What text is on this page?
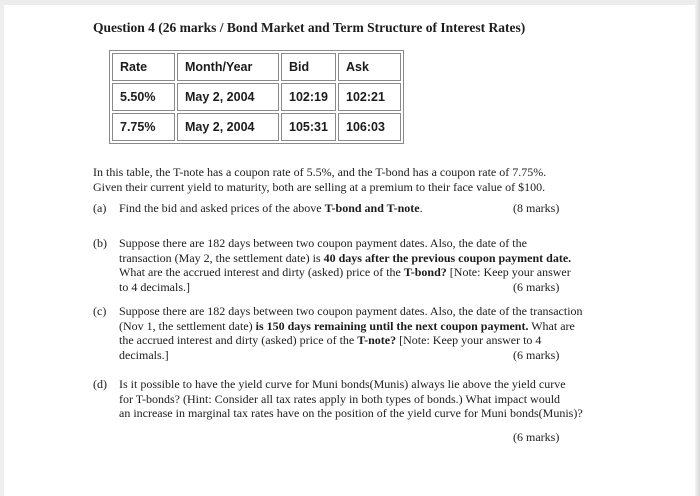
Question 4 (26 marks / Bond Market and Term Structure of Interest Rates)
Rate	Month/Year	Bid	Ask
5.50%	May 2, 2004	102:19	102:21
7.75%	May 2, 2004	105:31	106:03
In this table, the T-note has a coupon rate of 5.5%, and the T-bond has a coupon rate of 7.75%.
Given their current yield to maturity, both are selling at a premium to their face value of $100.
(a) Find the bid and asked prices of the above T-bond and T-note.	(8 marks)
(b) Suppose there are 182 days between two coupon payment dates. Also, the date of the
transaction (May 2, the settlement date) is 40 days after the previous coupon payment date.
What are the accrued interest and dirty (asked) price of the T-bond? [Note: Keep your answer
to 4 decimals.]	(6 marks)
(c) Suppose there are 182 days between two coupon payment dates. Also, the date of the transaction
(Nov 1, the settlement date) is 150 days remaining until the next coupon payment. What are
the accrued interest and dirty (asked) price of the T-note? [Note: Keep your answer to 4
decimals.]	(6 marks)
(d) Is it possible to have the yield curve for Muni bonds(Munis) always lie above the yield curve
for T-bonds? (Hint: Consider all tax rates apply in both types of bonds.) What impact would
an increase in marginal tax rates have on the position of the yield curve for Muni bonds(Munis)?
(6 marks)
